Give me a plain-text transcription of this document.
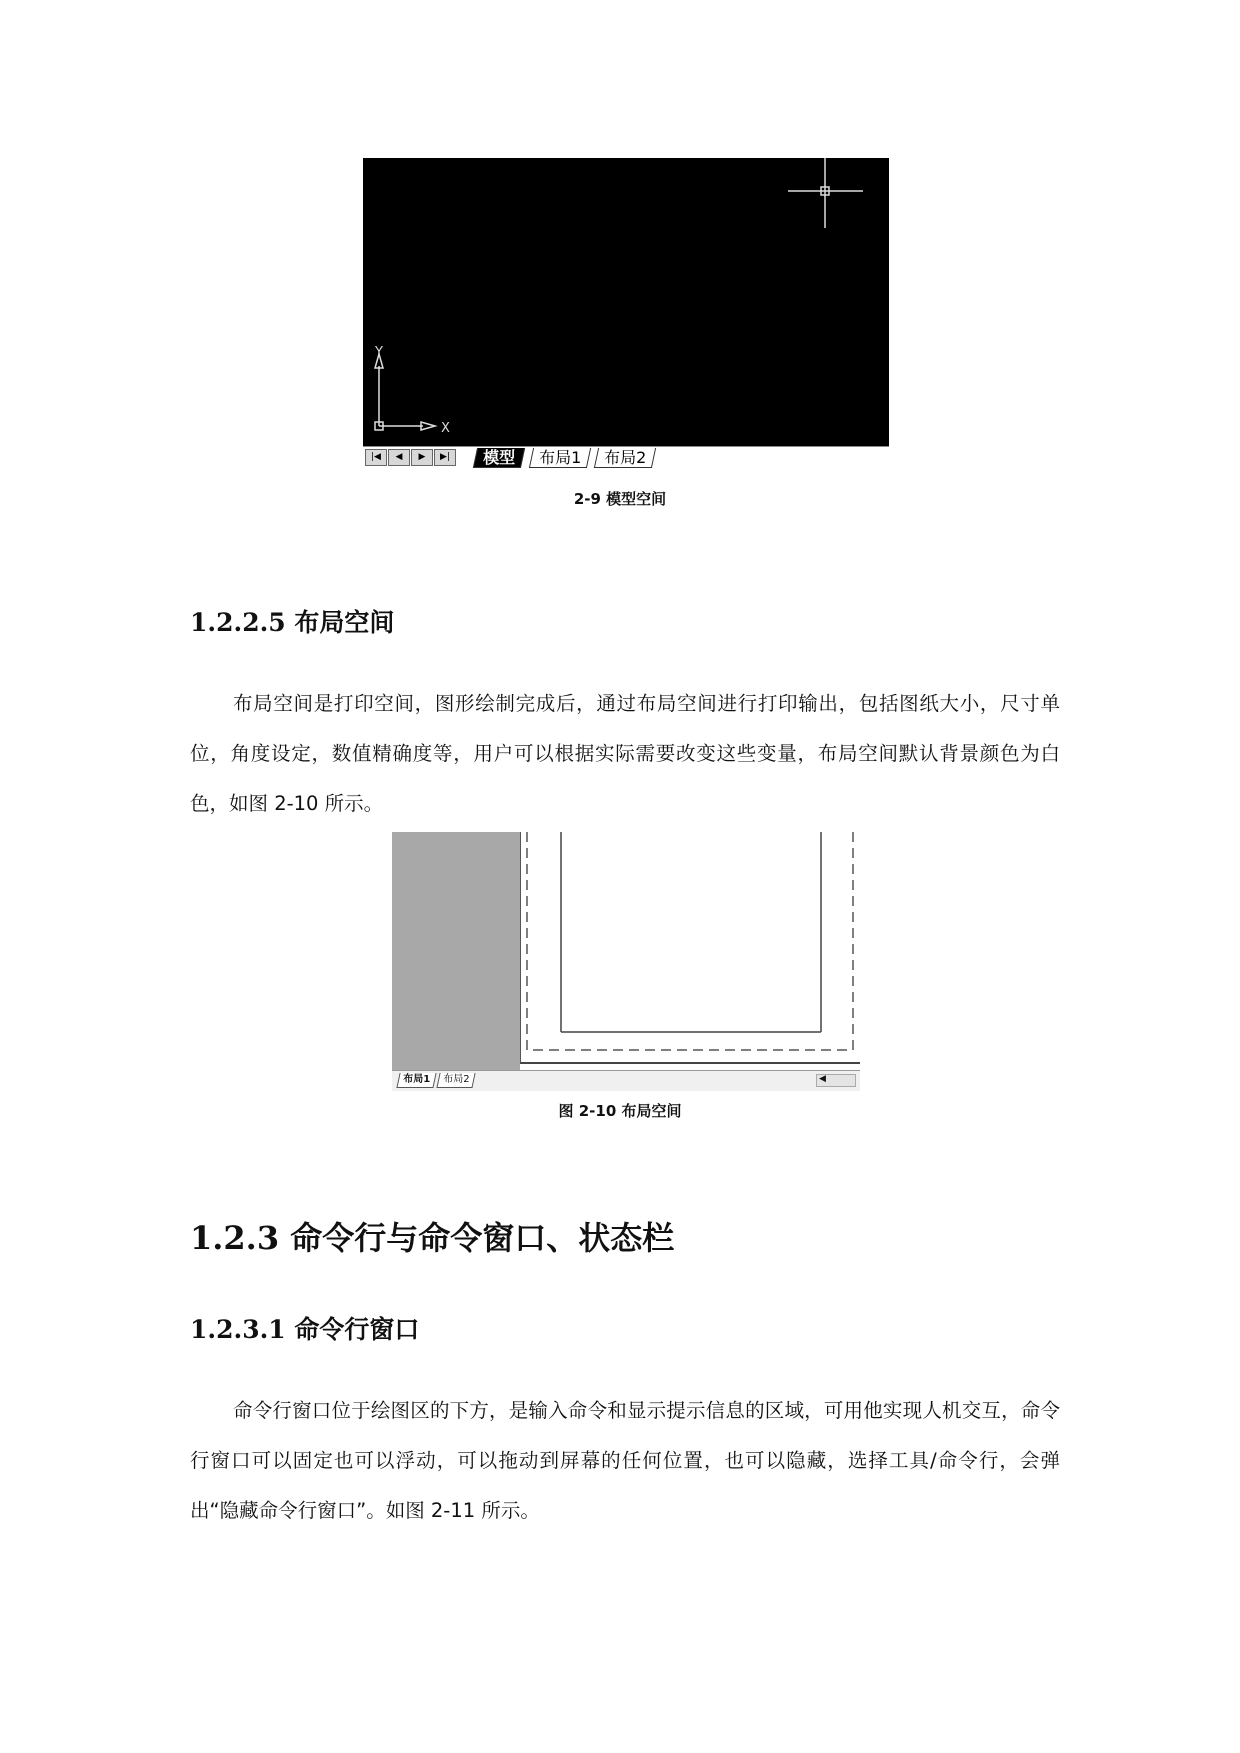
Y
X
|◀	◀	▶	▶|	模型	布局1	布局2
2-9 模型空间
1.2.2.5 布局空间
布局空间是打印空间，图形绘制完成后，通过布局空间进行打印输出，包括图纸大小，尺寸单位，角度设定，数值精确度等，用户可以根据实际需要改变这些变量，布局空间默认背景颜色为白色，如图 2-10 所示。
布局1	布局2	◀
图 2-10 布局空间
1.2.3 命令行与命令窗口、状态栏
1.2.3.1 命令行窗口
命令行窗口位于绘图区的下方，是输入命令和显示提示信息的区域，可用他实现人机交互，命令行窗口可以固定也可以浮动，可以拖动到屏幕的任何位置，也可以隐藏，选择工具/命令行，会弹出“隐藏命令行窗口”。如图 2-11 所示。
